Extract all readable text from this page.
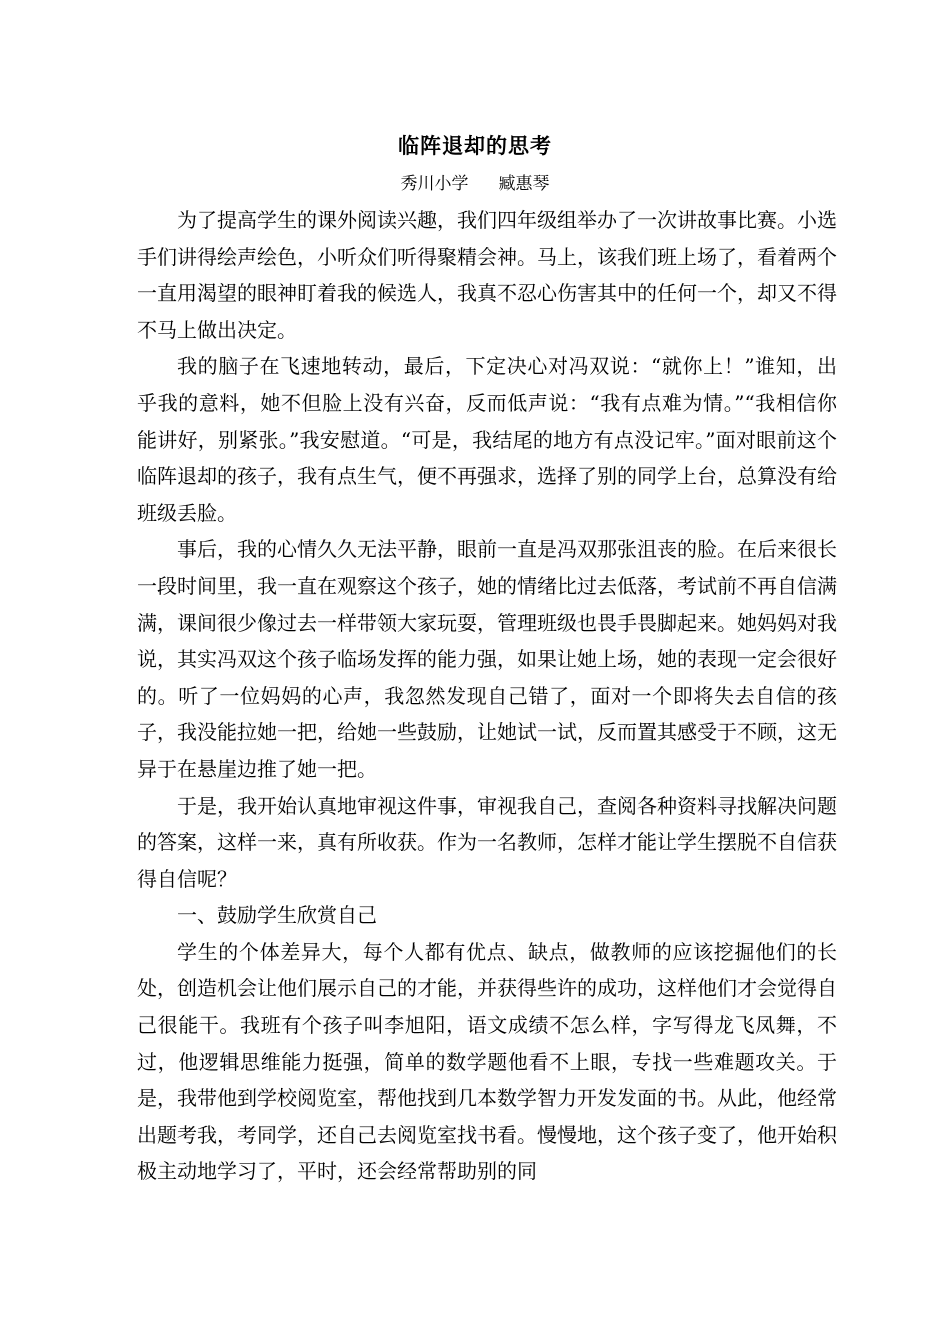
临阵退却的思考
秀川小学 臧惠琴

为了提高学生的课外阅读兴趣，我们四年级组举办了一次讲故事比赛。小选手们讲得绘声绘色，小听众们听得聚精会神。马上，该我们班上场了，看着两个一直用渴望的眼神盯着我的候选人，我真不忍心伤害其中的任何一个，却又不得不马上做出决定。

我的脑子在飞速地转动，最后，下定决心对冯双说：“就你上！”谁知，出乎我的意料，她不但脸上没有兴奋，反而低声说：“我有点难为情。”“我相信你能讲好，别紧张。”我安慰道。“可是，我结尾的地方有点没记牢。”面对眼前这个临阵退却的孩子，我有点生气，便不再强求，选择了别的同学上台，总算没有给班级丢脸。

事后，我的心情久久无法平静，眼前一直是冯双那张沮丧的脸。在后来很长一段时间里，我一直在观察这个孩子，她的情绪比过去低落，考试前不再自信满满，课间很少像过去一样带领大家玩耍，管理班级也畏手畏脚起来。她妈妈对我说，其实冯双这个孩子临场发挥的能力强，如果让她上场，她的表现一定会很好的。听了一位妈妈的心声，我忽然发现自己错了，面对一个即将失去自信的孩子，我没能拉她一把，给她一些鼓励，让她试一试，反而置其感受于不顾，这无异于在悬崖边推了她一把。

于是，我开始认真地审视这件事，审视我自己，查阅各种资料寻找解决问题的答案，这样一来，真有所收获。作为一名教师，怎样才能让学生摆脱不自信获得自信呢？

一、鼓励学生欣赏自己

学生的个体差异大，每个人都有优点、缺点，做教师的应该挖掘他们的长处，创造机会让他们展示自己的才能，并获得些许的成功，这样他们才会觉得自己很能干。我班有个孩子叫李旭阳，语文成绩不怎么样，字写得龙飞凤舞，不过，他逻辑思维能力挺强，简单的数学题他看不上眼，专找一些难题攻关。于是，我带他到学校阅览室，帮他找到几本数学智力开发发面的书。从此，他经常出题考我，考同学，还自己去阅览室找书看。慢慢地，这个孩子变了，他开始积极主动地学习了，平时，还会经常帮助别的同
